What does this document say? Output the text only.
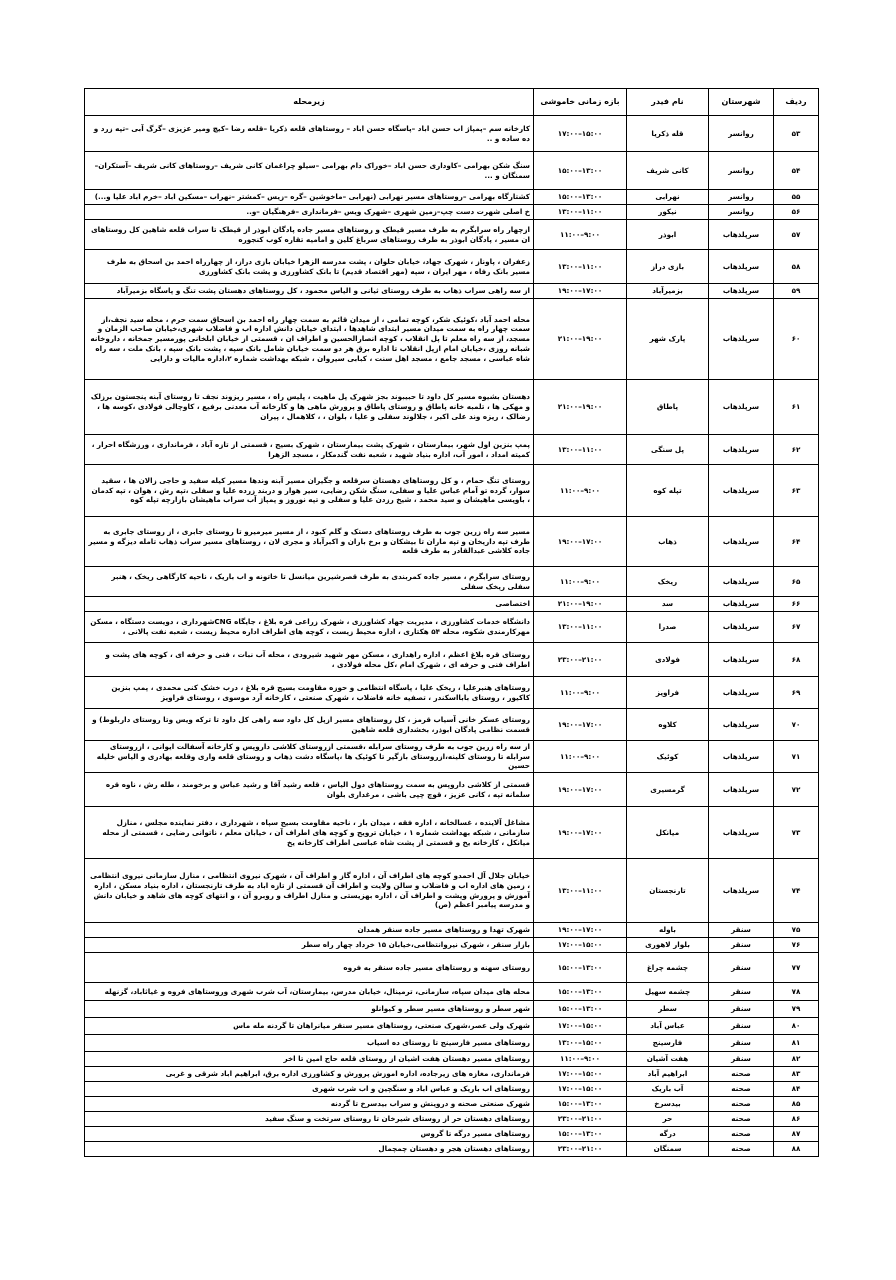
ردیف	شهرستان	نام فیدر	بازه زمانی خاموشی	زیرمحله
۵۳	روانسر	قله ذکریا	۱۵:۰۰–۱۷:۰۰	کارخانه سم –پمپاژ اب حسن اباد –پاسگاه حسن اباد – روستاهای قلعه ذکریا –قلعه رضا –کیچ ومیر عزیزی –گرگ آبی –تپه زرد و ده ساده و ..
۵۴	روانسر	کانی شریف	۱۳:۰۰–۱۵:۰۰	سنگ شکن بهرامی –کاوداری حسن اباد –خوراک دام بهرامی –سیلو چراغمان کانی شریف –روستاهای کانی شریف –آستکران–سمنگان و ...
۵۵	روانسر	نهرابی	۱۳:۰۰–۱۵:۰۰	کشتارگاه بهرامی –روستاهای مسیر نهرابی (نهرابی –ماخوشین –گره –زیس –کمشتر –نهراب –مسکین اباد –خرم اباد علیا و...)
۵۶	روانسر	نیکور	۱۱:۰۰–۱۳:۰۰	خ اصلی شهرت دست چپ–زمین شهری –شهرک ویس –فرمانداری –فرهنگیان –و..
۵۷	سرپلذهاب	ابوذر	۹:۰۰–۱۱:۰۰	ازچهار راه سرابگرم به طرف مسیر قیطک و روستاهای مسیر جاده پادگان ابوذر از قیطک تا سراب قلعه شاهین کل روستاهای ان مسیر ، پادگان ابوذر به طرف روستاهای سرباغ کلین و امامیه تقاره کوب کنجوره
۵۸	سرپلذهاب	بازی دراز	۱۱:۰۰–۱۳:۰۰	زعفران ، پاوناز ، شهرک جهاد، خیابان حلوان ، پشت مدرسه الزهرا خیابان بازی دراز، از چهارراه احمد بن اسحاق به طرف مسیر بانک رفاه ، مهر ایران ، سپه (مهر اقتصاد قدیم) تا بانک کشاورزی و پشت بانک کشاورزی
۵۹	سرپلذهاب	بزمیرآباد	۱۷:۰۰–۱۹:۰۰	از سه راهی سراب ذهاب به طرف روستای ثیانی و الیاس محمود ، کل روستاهای دهستان پشت تنگ و پاسگاه بزمیرآباد
۶۰	سرپلذهاب	پارک شهر	۱۹:۰۰–۲۱:۰۰	محله احمد آباد ،کوئیک شکر، کوچه تمامی ، از میدان قائم به سمت چهار راه احمد بن اسحاق سمت حرم ، محله سید نجف،از سمت چهار راه به سمت میدان مسیر ابتدای شاهدها ، ابتدای خیابان دانش اداره اب و فاضلاب شهری،خیابان صاحب الزمان و مسجد، از سه راه معلم تا پل انقلاب ، کوچه انصارالحسین و اطراف ان ، قسمتی از خیابان ابلخانی پورمسیر جمخانه ، داروخانه شبانه روزی ،خیابان امام ازپل انقلاب تا اداره برق هر دو سمت خیابان شامل بانک سپه ، پشت بانک سپه ، بانک ملت ، سه راه شاه عباسی ، مسجد جامع ، مسجد اهل سنت ، کبابی سیروان ، شبکه بهداشت شماره ۲،اداره مالیات و دارایی
۶۱	سرپلذهاب	پاطاق	۱۹:۰۰–۲۱:۰۰	دهستان بشیوه مسیر کل داود تا حبیبوند بجز شهرک پل ماهیت ، پلیس راه ، مسیر ریزوند نجف تا روستای آبنه پنجستون برزلک و مهکی ها ، تلمبه خانه پاطاق و روستای پاطاق و پرورش ماهی ها و کارخانه آب معدنی برفیع ، کاوچالی فولادی ،کوسه ها ، رضالک ، ریزه وند علی اکبر ، جلالوند سفلی و علیا ، بلوان ، ، کلاهمال ، پیران
۶۲	سرپلذهاب	پل سنگی	۱۱:۰۰–۱۳:۰۰	پمپ بنزین اول شهر، بیمارستان ، شهرک پشت بیمارستان ، شهرک بسیج ، قسمتی از تازه آباد ، فرمانداری ، ورزشگاه احرار ، کمیته امداد ، امور آب، اداره بنیاد شهید ، شعبه نفت گندمکار ، مسجد الزهرا
۶۳	سرپلذهاب	تپله کوه	۹:۰۰–۱۱:۰۰	روستای تنگ حمام ، و کل روستاهای دهستان سرقلعه و جگیران مسیر آبنه وندها مسیر کیله سفید و حاجی زالان ها ، سقید سوار، گرده تو آمام عباس علیا و سفلی، سنگ شکن رضایی، سیر هوار و دربند زرده علیا و سفلی ،تپه رش ، هوان ، تپه کدمان ، باویسی ماهیشان و سید محمد ، شیخ رزدن علیا و سفلی و تپه نوروز و پمپاژ آب سراب ماهیشان بازارچه تپله کوه
۶۴	سرپلذهاب	ذهاب	۱۷:۰۰–۱۹:۰۰	مسیر سه راه زرین جوب به طرف روستاهای دستک و گلم کبود ، از مسیر میرمیرو تا روستای جابری ، از روستای جابری به طرف تپه داریخان و تپه ماران تا بیشکان و برخ باران و اکبرآباد و مجری لان ، روستاهای مسیر سراب ذهاب تامله دیزگه و مسیر جاده کلاشی عبدالقادر به طرف قلعه
۶۵	سرپلذهاب	ریخک	۹:۰۰–۱۱:۰۰	روستای سرابگرم ، مسیر جاده کمربندی به طرف قصرشیرین میانسل تا خاتونه و اب باریک ، ناحیه کارگاهی ریخک ، هنبر سفلی ریخک سفلی
۶۶	سرپلذهاب	سد	۱۹:۰۰–۲۱:۰۰	اختصاصی
۶۷	سرپلذهاب	صدرا	۱۱:۰۰–۱۳:۰۰	دانشگاه خدمات کشاورزی ، مدیریت جهاد کشاورزی ، شهرک زراعی فره بلاغ ، جایگاه CNGشهرداری ، دویست دستگاه ، مسکن مهرکارمندی شکوه، محله ۵۴ هکتاری ، اداره محیط زیست ، کوچه های اطراف اداره محیط زیست ، شعبه نفت پالانی ،
۶۸	سرپلذهاب	فولادی	۲۱:۰۰–۲۳:۰۰	روستای قره بلاغ اعظم ، اداره راهداری ، مسکن مهر شهید شیرودی ، محله آب نبات ، فنی و حرفه ای ، کوچه های پشت و اطراف فنی و حرفه ای ، شهرک امام ،کل محله فولادی ،
۶۹	سرپلذهاب	فراویز	۹:۰۰–۱۱:۰۰	روستاهای هنبرعلیا ، ریخک علیا ، پاسگاه انتظامی و حوزه مقاومت بسیج قره بلاغ ، درب خشک کنی محمدی ، پمپ بنزین کاکیور ، روستای بابااسکندر ، تصفیه خانه فاضلاب ، شهرک صنعتی ، کارخانه آرد موسوی ، روستای فراویز
۷۰	سرپلذهاب	کلاوه	۱۷:۰۰–۱۹:۰۰	روستای عسکر خانی آسیاب قرمز ، کل روستاهای مسیر ازپل کل داود سه راهی کل داود تا ترکه ویس وتا روستای داربلوط) و قسمت نظامی پادگان ابوذر، بخشداری قلعه شاهین
۷۱	سرپلذهاب	کوئیک	۹:۰۰–۱۱:۰۰	از سه راه زرین جوب به طرف روستای سرابله ،قسمتی ازروستای کلاشی داروپس و کارخانه آسفالت ایوانی ، ازروستای سرابله تا روستای کلینه،ازروستای بازگیر تا کوئیک ها ،پاسگاه دشت ذهاب و روستای قلعه واری وقلعه بهادری و الیاس خلیله حسین
۷۲	سرپلذهاب	گرمسیری	۱۷:۰۰–۱۹:۰۰	قسمتی از کلاشی داروپس به سمت روستاهای دول الیاس ، قلعه رشید آقا و رشید عباس و برخومند ، طله رش ، ناوه قره سلمانه تپه ، کانی عزیز ، قوچ چپی باشی ، مرغداری بلوان
۷۳	سرپلذهاب	میانکل	۱۷:۰۰–۱۹:۰۰	مشاغل آلاینده ، غسالخانه ، اداره فقه ، میدان بار ، ناحیه مقاومت بسیج سپاه ، شهرداری ، دفتر نماینده مجلس ، منازل سازمانی ، شبکه بهداشت شماره ۱ ، خیابان ترویج و کوچه های اطراف آن ، خیابان معلم ، ناتوانی رضایی ، قسمتی از محله میانکل ، کارخانه یخ و قسمتی از پشت شاه عباسی اطراف کارخانه یخ
۷۴	سرپلذهاب	تارنجستان	۱۱:۰۰–۱۳:۰۰	خیابان جلال آل احمدو کوچه های اطراف آن ، اداره گاز و اطراف آن ، شهرک نیروی انتظامی ، منازل سازمانی نیروی انتظامی ، زمین های اداره اب و فاضلاب و سالن ولایت و اطراف آن قسمتی از تازه اباد به طرف تارنجستان ، اداره بنیاد مسکن ، اداره آموزش و پرورش وپشت و اطراف آن ، اداره بهزیستی و منازل اطراف و روبرو آن ، و انتهای کوچه های شاهد و خیابان دانش و مدرسه پیامبر اعظم (ص)
۷۵	سنقر	باوله	۱۷:۰۰–۱۹:۰۰	شهرک تهدا و روستاهای مسیر جاده سنقر همدان
۷۶	سنقر	بلوار لاهوری	۱۵:۰۰–۱۷:۰۰	بازار سنقر ، شهرک نیروانتظامی،خیابان ۱۵ خرداد چهار راه سطر
۷۷	سنقر	چشمه چراغ	۱۳:۰۰–۱۵:۰۰	روستای سهنه و روستاهای مسیر جاده سنقر به فروه
۷۸	سنقر	چشمه سهیل	۱۳:۰۰–۱۵:۰۰	محله های میدان سپاه، سازمانی، ترمینال، خیابان مدرس، بیمارستان، آب شرب شهری وروستاهای فروه و غیاثاباد، گزنهله
۷۹	سنقر	سطر	۱۳:۰۰–۱۵:۰۰	شهر سطر و روستاهای مسیر سطر و کیوانلو
۸۰	سنقر	عباس آباد	۱۵:۰۰–۱۷:۰۰	شهرک ولی عصر،شهرک صنعتی، روستاهای مسیر سنقر میانراهان تا گردنه مله ماس
۸۱	سنقر	فارسینج	۱۵:۰۰–۱۳:۰۰	روستاهای مسیر فارسینج تا روستای ده اسیاب
۸۲	سنقر	هفت آشیان	۹:۰۰–۱۱:۰۰	روستاهای مسیر دهستان هفت اشیان از روستای قلعه حاج امین تا اخر
۸۳	صحنه	ابراهیم آباد	۱۵:۰۰–۱۷:۰۰	فرمانداری، مغازه های زیرجاده، اداره اموزش پرورش و کشاورزی اداره برق، ابراهیم اباد شرقی و غربی
۸۴	صحنه	آب باریک	۱۵:۰۰–۱۷:۰۰	روستاهای اب باریک و عباس اباد و سنگچین و اب شرب شهری
۸۵	صحنه	بیدسرخ	۱۳:۰۰–۱۵:۰۰	شهرک صنعتی صحنه و دروینش و سراب بیدسرخ تا گردنه
۸۶	صحنه	حر	۲۱:۰۰–۲۳:۰۰	روستاهای دهستان حر از روستای شیرخان تا روستای سرتخت و سنگ سفید
۸۷	صحنه	درگه	۱۳:۰۰–۱۵:۰۰	روستاهای مسیر درگه تا گروس
۸۸	صحنه	سمنگان	۲۱:۰۰–۲۳:۰۰	روستاهای دهستان هجر و دهستان چمچمال
